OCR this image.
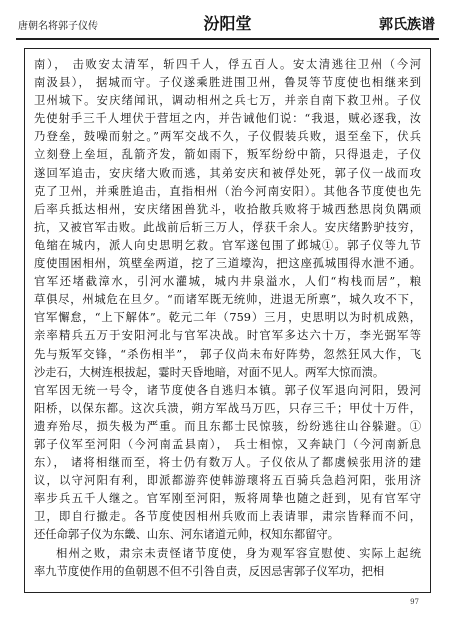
唐朝名将郭子仪传	汾阳堂	郭氏族谱
南）， 击败安太清军，斩四千人，俘五百人。安太清逃往卫州（今河
南汲县）， 据城而守。子仪遂乘胜进围卫州，鲁炅等节度使也相继来到
卫州城下。安庆绪闻讯，调动相州之兵七万，并亲自南下救卫州。子仪
先使射手三千人埋伏于营垣之内，并告诫他们说：“我退，贼必逐我，汝
乃登垒，鼓噪而射之。”两军交战不久，子仪假装兵败，退至垒下，伏兵
立刻登上垒垣，乱箭齐发，箭如雨下，叛军纷纷中箭，只得退走，子仪
遂回军追击，安庆绪大败而逃，其弟安庆和被俘处死，郭子仪一战而攻
克了卫州，并乘胜追击，直指相州（治今河南安阳）。其他各节度使也先
后率兵抵达相州，安庆绪困兽犹斗，收拾散兵败将于城西愁思岗负隅顽
抗，又被官军击败。此战前后斩三万人，俘获千余人。安庆绪黔驴技穷，
龟缩在城内，派人向史思明乞救。官军遂包围了邺城①。郭子仪等九节
度使围困相州，筑壁垒两道，挖了三道壕沟，把这座孤城围得水泄不通。
官军还堵截漳水，引河水灌城，城内井泉溢水，人们“构栈而居”，粮
草俱尽，州城危在旦夕。“而诸军既无统帅，进退无所禀”，城久攻不下，
官军懈怠，“上下解体”。乾元二年（759）三月，史思明以为时机成熟，
亲率精兵五万于安阳河北与官军决战。时官军多达六十万，李光弼军等
先与叛军交锋，“杀伤相半”， 郭子仪尚未布好阵势，忽然狂风大作，飞
沙走石，大树连根拔起，霎时天昏地暗，对面不见人。两军大惊而溃。
官军因无统一号令，诸节度使各自逃归本镇。郭子仪军退向河阳，毁河
阳桥，以保东都。这次兵溃，朔方军战马万匹，只存三千；甲仗十万件，
遗弃殆尽，损失极为严重。而且东都士民惊骇，纷纷逃往山谷躲避。①
郭子仪军至河阳（今河南孟县南）， 兵士相惊，又奔缺门（今河南新息
东）， 诸将相继而至，将士仍有数万人。子仪依从了都虞候张用济的建
议，以守河阳有利，即派都游弈使韩游瓌将五百骑兵急趋河阳，张用济
率步兵五千人继之。官军刚至河阳，叛将周挚也随之赶到，见有官军守
卫，即自行撤走。各节度使因相州兵败而上表请罪，肃宗皆释而不问，
还任命郭子仪为东畿、山东、河东诸道元帅，权知东都留守。
相州之败，肃宗未责怪诸节度使，身为观军容宣慰使、实际上起统
率九节度使作用的鱼朝恩不但不引咎自责，反因忌害郭子仪军功，把相
97
